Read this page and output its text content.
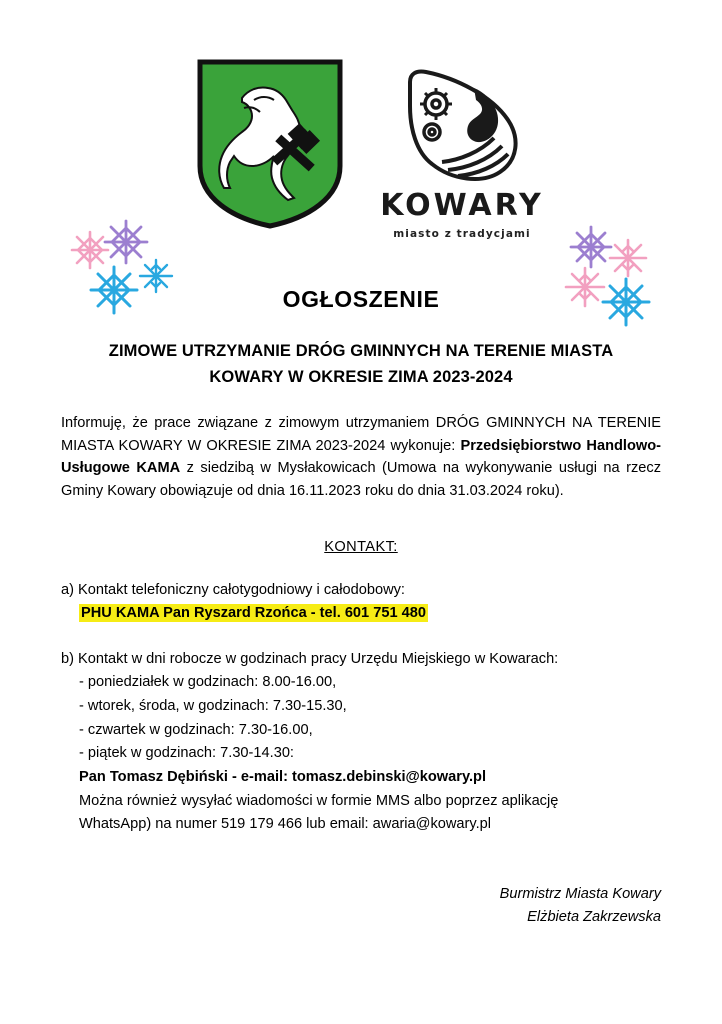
KOWARY
miasto z tradycjami
OGŁOSZENIE
ZIMOWE UTRZYMANIE DRÓG GMINNYCH NA TERENIE MIASTA
KOWARY W OKRESIE ZIMA 2023-2024

Informuję, że prace związane z zimowym utrzymaniem DRÓG GMINNYCH NA TERENIE MIASTA KOWARY W OKRESIE ZIMA 2023-2024 wykonuje: Przedsiębiorstwo Handlowo-Usługowe KAMA z siedzibą w Mysłakowicach (Umowa na wykonywanie usługi na rzecz Gminy Kowary obowiązuje od dnia 16.11.2023 roku do dnia 31.03.2024 roku).

KONTAKT:
a) Kontakt telefoniczny całotygodniowy i całodobowy:
PHU KAMA Pan Ryszard Rzońca - tel. 601 751 480
b) Kontakt w dni robocze w godzinach pracy Urzędu Miejskiego w Kowarach:
- poniedziałek w godzinach: 8.00-16.00,
- wtorek, środa, w godzinach: 7.30-15.30,
- czwartek w godzinach: 7.30-16.00,
- piątek w godzinach: 7.30-14.30:
Pan Tomasz Dębiński - e-mail: tomasz.debinski@kowary.pl
Można również wysyłać wiadomości w formie MMS albo poprzez aplikację
WhatsApp) na numer 519 179 466 lub email: awaria@kowary.pl
Burmistrz Miasta Kowary
Elżbieta Zakrzewska
